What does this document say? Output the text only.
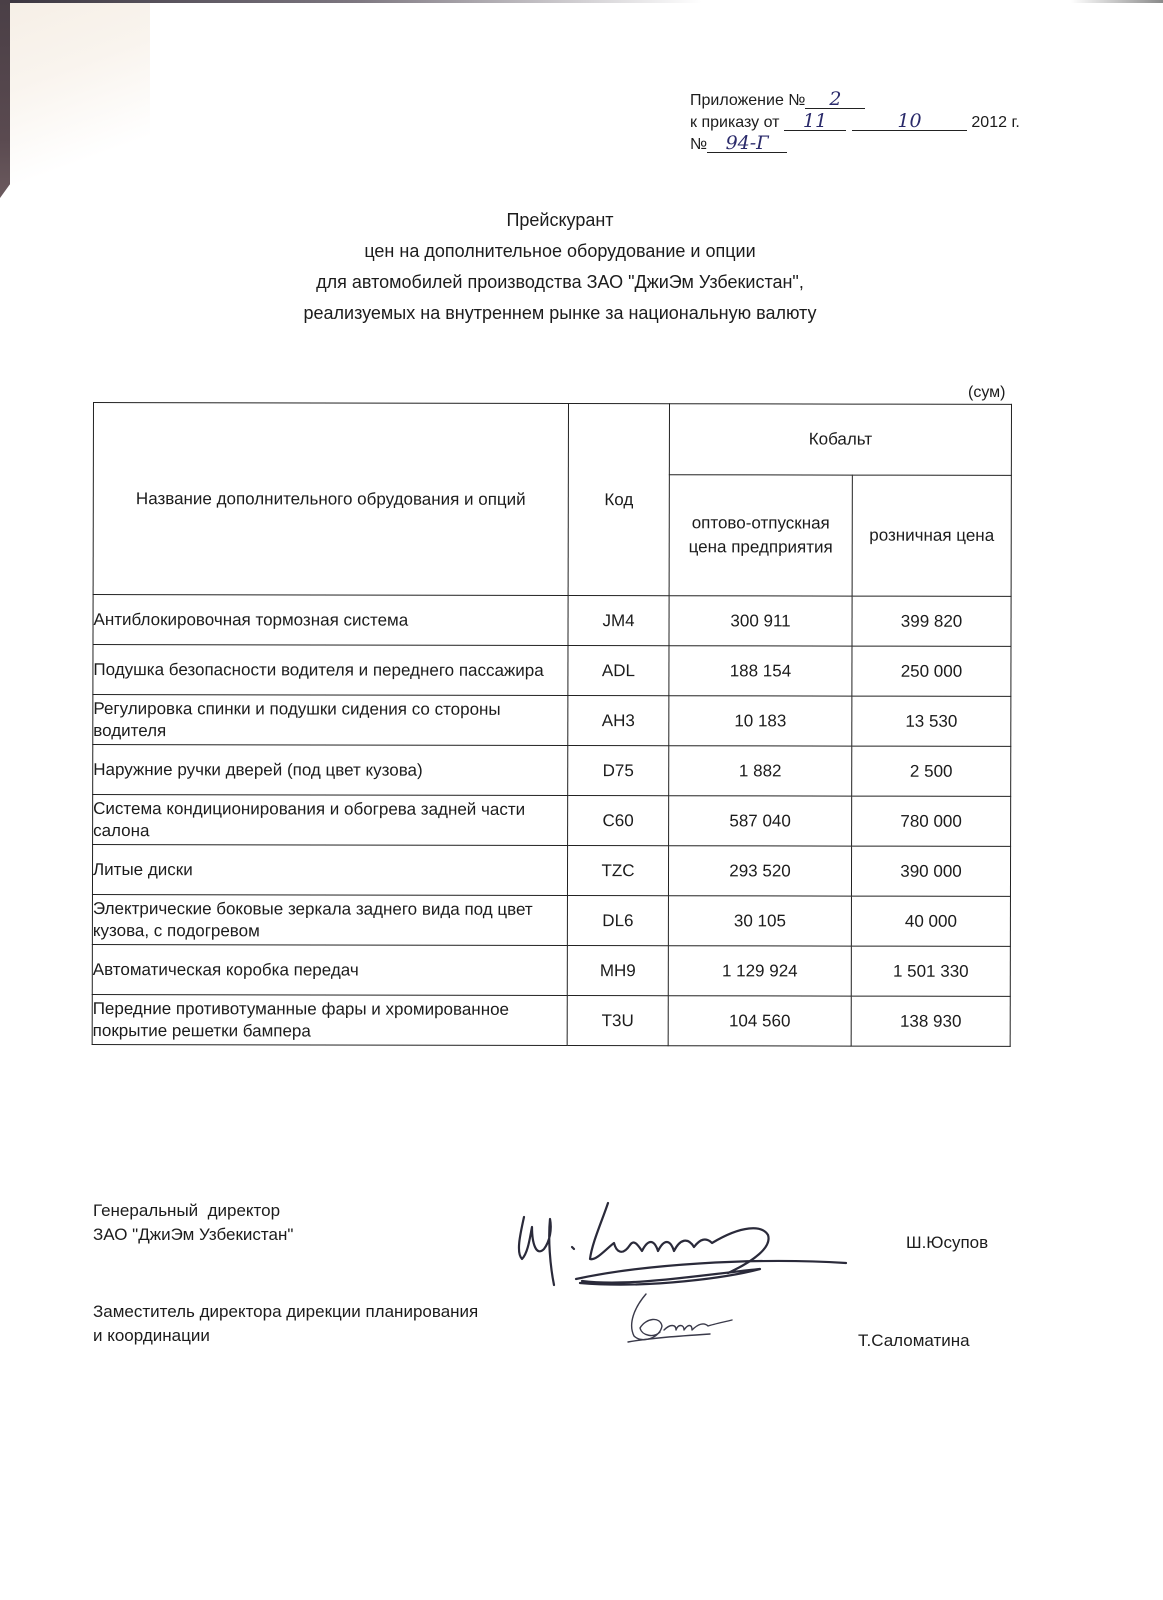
Приложение № 2
к приказу от 11	10	2012 г.
№ 94-Г
Прейскурант
цен на дополнительное оборудование и опции
для автомобилей производства ЗАО "ДжиЭм Узбекистан",
реализуемых на внутреннем рынке за национальную валюту
(сум)
Название дополнительного обрудования и опций	Код	Кобальт	
		оптово-отпускная цена предприятия	розничная цена
Антиблокировочная тормозная система	JM4	300 911	399 820
Подушка безопасности водителя и переднего пассажира	ADL	188 154	250 000
Регулировка спинки и подушки сидения со стороны водителя	AH3	10 183	13 530
Наружние ручки дверей (под цвет кузова)	D75	1 882	2 500
Система кондиционирования и обогрева задней части салона	C60	587 040	780 000
Литые диски	TZC	293 520	390 000
Электрические боковые зеркала заднего вида под цвет кузова, с подогревом	DL6	30 105	40 000
Автоматическая коробка передач	MH9	1 129 924	1 501 330
Передние противотуманные фары и хромированное покрытие решетки бампера	T3U	104 560	138 930
Генеральный  директор
ЗАО "ДжиЭм Узбекистан"	Ш.Юсупов
Заместитель директора дирекции планирования
и координации	Т.Саломатина
